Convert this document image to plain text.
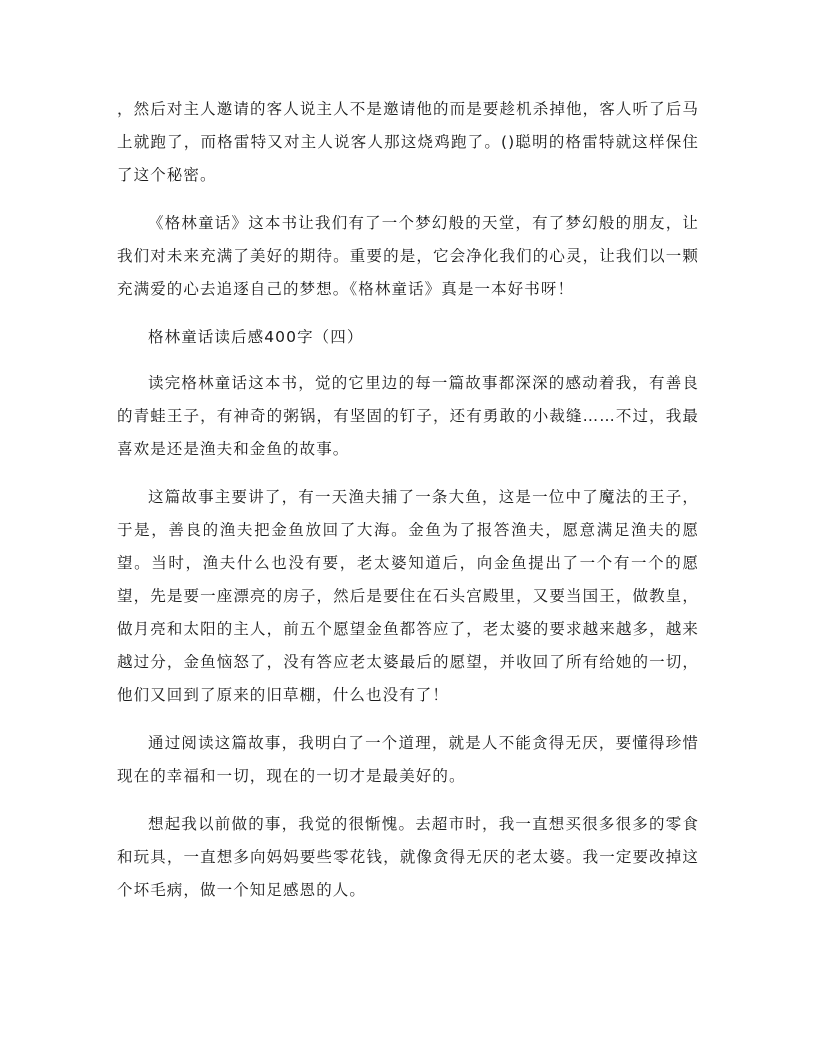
，然后对主人邀请的客人说主人不是邀请他的而是要趁机杀掉他，客人听了后马上就跑了，而格雷特又对主人说客人那这烧鸡跑了。()聪明的格雷特就这样保住了这个秘密。

《格林童话》这本书让我们有了一个梦幻般的天堂，有了梦幻般的朋友，让我们对未来充满了美好的期待。重要的是，它会净化我们的心灵，让我们以一颗充满爱的心去追逐自己的梦想。《格林童话》真是一本好书呀！

格林童话读后感400字（四）

读完格林童话这本书，觉的它里边的每一篇故事都深深的感动着我，有善良的青蛙王子，有神奇的粥锅，有坚固的钉子，还有勇敢的小裁缝……不过，我最喜欢是还是渔夫和金鱼的故事。

这篇故事主要讲了，有一天渔夫捕了一条大鱼，这是一位中了魔法的王子，于是，善良的渔夫把金鱼放回了大海。金鱼为了报答渔夫，愿意满足渔夫的愿望。当时，渔夫什么也没有要，老太婆知道后，向金鱼提出了一个有一个的愿望，先是要一座漂亮的房子，然后是要住在石头宫殿里，又要当国王，做教皇，做月亮和太阳的主人，前五个愿望金鱼都答应了，老太婆的要求越来越多，越来越过分，金鱼恼怒了，没有答应老太婆最后的愿望，并收回了所有给她的一切，他们又回到了原来的旧草棚，什么也没有了！

通过阅读这篇故事，我明白了一个道理，就是人不能贪得无厌，要懂得珍惜现在的幸福和一切，现在的一切才是最美好的。

想起我以前做的事，我觉的很惭愧。去超市时，我一直想买很多很多的零食和玩具，一直想多向妈妈要些零花钱，就像贪得无厌的老太婆。我一定要改掉这个坏毛病，做一个知足感恩的人。
